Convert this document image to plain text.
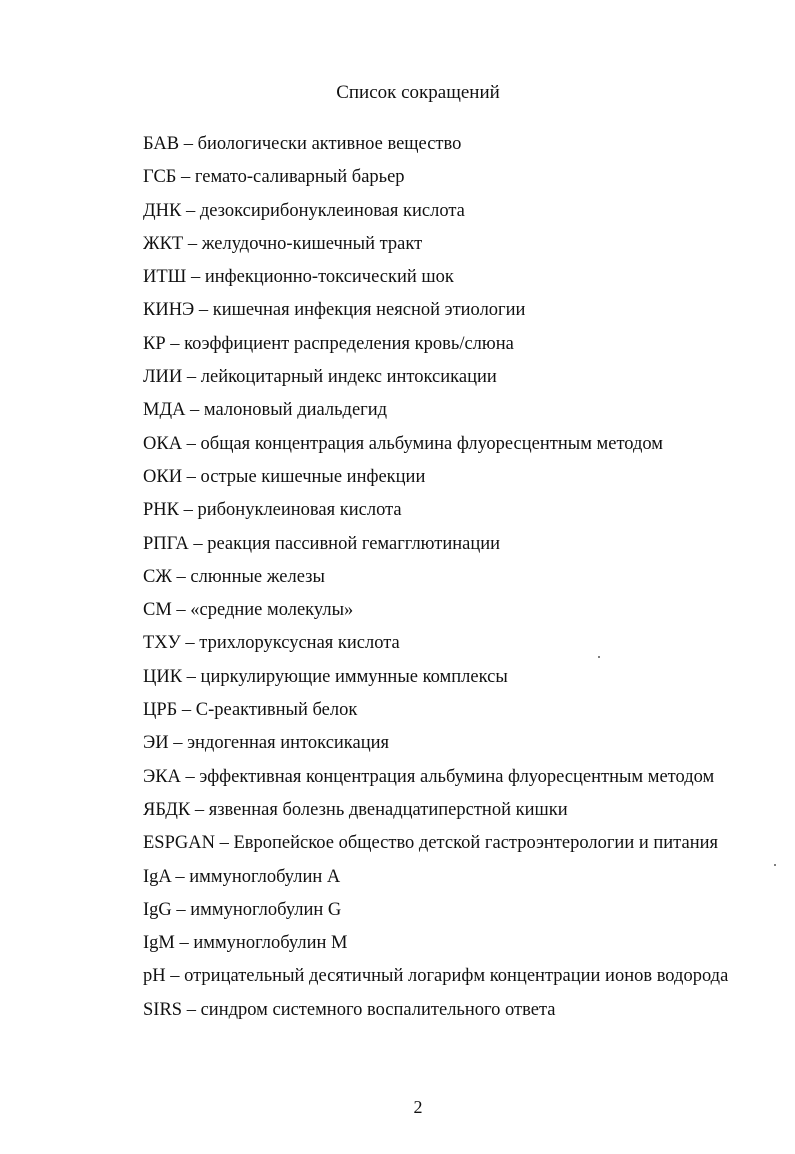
Список сокращений
БАВ – биологически активное вещество
ГСБ – гемато-саливарный барьер
ДНК – дезоксирибонуклеиновая кислота
ЖКТ – желудочно-кишечный тракт
ИТШ – инфекционно-токсический шок
КИНЭ – кишечная инфекция неясной этиологии
КР – коэффициент распределения кровь/слюна
ЛИИ – лейкоцитарный индекс интоксикации
МДА – малоновый диальдегид
ОКА – общая концентрация альбумина флуоресцентным методом
ОКИ – острые кишечные инфекции
РНК – рибонуклеиновая кислота
РПГА – реакция пассивной гемагглютинации
СЖ – слюнные железы
СМ – «средние молекулы»
ТХУ – трихлоруксусная кислота
ЦИК – циркулирующие иммунные комплексы
ЦРБ – С-реактивный белок
ЭИ – эндогенная интоксикация
ЭКА – эффективная концентрация альбумина флуоресцентным методом
ЯБДК – язвенная болезнь двенадцатиперстной кишки
ESPGAN – Европейское общество детской гастроэнтерологии и питания
IgA – иммуноглобулин А
IgG – иммуноглобулин G
IgM – иммуноглобулин М
pH – отрицательный десятичный логарифм концентрации ионов водорода
SIRS – синдром системного воспалительного ответа
2
